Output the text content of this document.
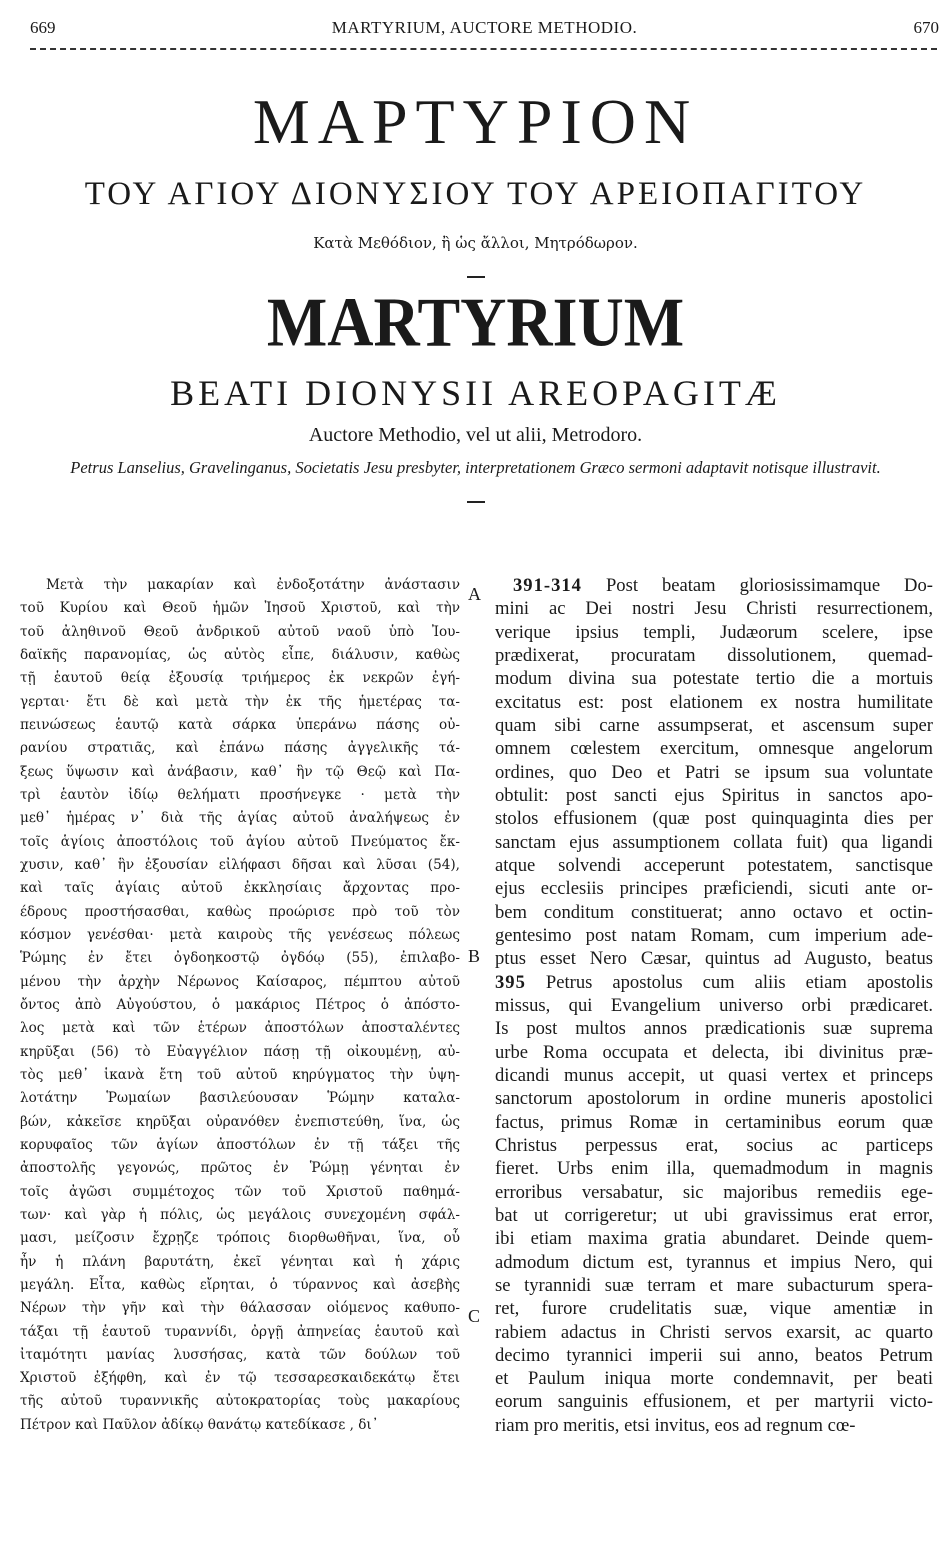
669	MARTYRIUM, AUCTORE METHODIO.	670
ΜΑΡΤΥΡΙΟΝ
ΤΟΥ ΑΓΙΟΥ ΔΙΟΝΥΣΙΟΥ ΤΟΥ ΑΡΕΙΟΠΑΓΙΤΟΥ
Κατὰ Μεθόδιον, ἢ ὡς ἄλλοι, Μητρόδωρον.
MARTYRIUM
BEATI DIONYSII AREOPAGITÆ
Auctore Methodio, vel ut alii, Metrodoro.
Petrus Lanselius, Gravelinganus, Societatis Jesu presbyter, interpretationem Græco sermoni adaptavit notisque illustravit.
Μετὰ τὴν μακαρίαν καὶ ἐνδοξοτάτην ἀνάστασιν
τοῦ Κυρίου καὶ Θεοῦ ἡμῶν Ἰησοῦ Χριστοῦ, καὶ τὴν
τοῦ ἀληθινοῦ Θεοῦ ἀνδρικοῦ αὐτοῦ ναοῦ ὑπὸ Ἰου-
δαϊκῆς παρανομίας, ὡς αὐτὸς εἶπε, διάλυσιν, καθὼς
τῇ ἑαυτοῦ θείᾳ ἐξουσίᾳ τριήμερος ἐκ νεκρῶν ἐγή-
γερται· ἔτι δὲ καὶ μετὰ τὴν ἐκ τῆς ἡμετέρας τα-
πεινώσεως ἑαυτῷ κατὰ σάρκα ὑπεράνω πάσης οὐ-
ρανίου στρατιᾶς, καὶ ἐπάνω πάσης ἀγγελικῆς τά-
ξεως ὕψωσιν καὶ ἀνάβασιν, καθ᾽ ἣν τῷ Θεῷ καὶ Πα-
τρὶ ἑαυτὸν ἰδίῳ θελήματι προσήνεγκε · μετὰ τὴν
μεθ᾽ ἡμέρας ν᾽ διὰ τῆς ἁγίας αὐτοῦ ἀναλήψεως ἐν
τοῖς ἁγίοις ἀποστόλοις τοῦ ἁγίου αὐτοῦ Πνεύματος ἔκ-
χυσιν, καθ᾽ ἣν ἐξουσίαν εἰλήφασι δῆσαι καὶ λῦσαι (54),
καὶ ταῖς ἁγίαις αὐτοῦ ἐκκλησίαις ἄρχοντας προ-
έδρους προστήσασθαι, καθὼς προώρισε πρὸ τοῦ τὸν
κόσμον γενέσθαι· μετὰ καιροὺς τῆς γενέσεως πόλεως
Ῥώμης ἐν ἔτει ὀγδοηκοστῷ ὀγδόῳ (55), ἐπιλαβο-
μένου τὴν ἀρχὴν Νέρωνος Καίσαρος, πέμπτου αὐτοῦ
ὄντος ἀπὸ Αὐγούστου, ὁ μακάριος Πέτρος ὁ ἀπόστο-
λος μετὰ καὶ τῶν ἑτέρων ἀποστόλων ἀποσταλέντες
κηρῦξαι (56) τὸ Εὐαγγέλιον πάσῃ τῇ οἰκουμένῃ, αὐ-
τὸς μεθ᾽ ἱκανὰ ἔτη τοῦ αὐτοῦ κηρύγματος τὴν ὑψη-
λοτάτην Ῥωμαίων βασιλεύουσαν Ῥώμην καταλα-
βών, κἀκεῖσε κηρῦξαι οὐρανόθεν ἐνεπιστεύθη, ἵνα, ὡς
κορυφαῖος τῶν ἁγίων ἀποστόλων ἐν τῇ τάξει τῆς
ἀποστολῆς γεγονώς, πρῶτος ἐν Ῥώμῃ γένηται ἐν
τοῖς ἀγῶσι συμμέτοχος τῶν τοῦ Χριστοῦ παθημά-
των· καὶ γὰρ ἡ πόλις, ὡς μεγάλοις συνεχομένη σφάλ-
μασι, μείζοσιν ἔχρῃζε τρόποις διορθωθῆναι, ἵνα, οὗ
ἦν ἡ πλάνη βαρυτάτη, ἐκεῖ γένηται καὶ ἡ χάρις
μεγάλη. Εἶτα, καθὼς εἴρηται, ὁ τύραννος καὶ ἀσεβὴς
Νέρων τὴν γῆν καὶ τὴν θάλασσαν οἰόμενος καθυπο-
τάξαι τῇ ἑαυτοῦ τυραννίδι, ὀργῇ ἀπηνείας ἑαυτοῦ καὶ
ἰταμότητι μανίας λυσσήσας, κατὰ τῶν δούλων τοῦ
Χριστοῦ ἐξήφθη, καὶ ἐν τῷ τεσσαρεσκαιδεκάτῳ ἔτει
τῆς αὐτοῦ τυραννικῆς αὐτοκρατορίας τοὺς μακαρίους
Πέτρον καὶ Παῦλον ἀδίκῳ θανάτῳ κατεδίκασε , δι᾽
A
B
C
391-314 Post beatam gloriosissimamque Do-
mini ac Dei nostri Jesu Christi resurrectionem,
verique ipsius templi, Judæorum scelere, ipse
prædixerat, procuratam dissolutionem, quemad-
modum divina sua potestate tertio die a mortuis
excitatus est: post elationem ex nostra humilitate
quam sibi carne assumpserat, et ascensum super
omnem cœlestem exercitum, omnesque angelorum
ordines, quo Deo et Patri se ipsum sua voluntate
obtulit: post sancti ejus Spiritus in sanctos apo-
stolos effusionem (quæ post quinquaginta dies per
sanctam ejus assumptionem collata fuit) qua ligandi
atque solvendi acceperunt potestatem, sanctisque
ejus ecclesiis principes præficiendi, sicuti ante or-
bem conditum constituerat; anno octavo et octin-
gentesimo post natam Romam, cum imperium ade-
ptus esset Nero Cæsar, quintus ad Augusto, beatus
395 Petrus apostolus cum aliis etiam apostolis
missus, qui Evangelium universo orbi prædicaret.
Is post multos annos prædicationis suæ suprema
urbe Roma occupata et delecta, ibi divinitus præ-
dicandi munus accepit, ut quasi vertex et princeps
sanctorum apostolorum in ordine muneris apostolici
factus, primus Romæ in certaminibus eorum quæ
Christus perpessus erat, socius ac particeps
fieret. Urbs enim illa, quemadmodum in magnis
erroribus versabatur, sic majoribus remediis ege-
bat ut corrigeretur; ut ubi gravissimus erat error,
ibi etiam maxima gratia abundaret. Deinde quem-
admodum dictum est, tyrannus et impius Nero, qui
se tyrannidi suæ terram et mare subacturum spera-
ret, furore crudelitatis suæ, vique amentiæ in
rabiem adactus in Christi servos exarsit, ac quarto
decimo tyrannici imperii sui anno, beatos Petrum
et Paulum iniqua morte condemnavit, per beati
eorum sanguinis effusionem, et per martyrii victo-
riam pro meritis, etsi invitus, eos ad regnum cœ-
